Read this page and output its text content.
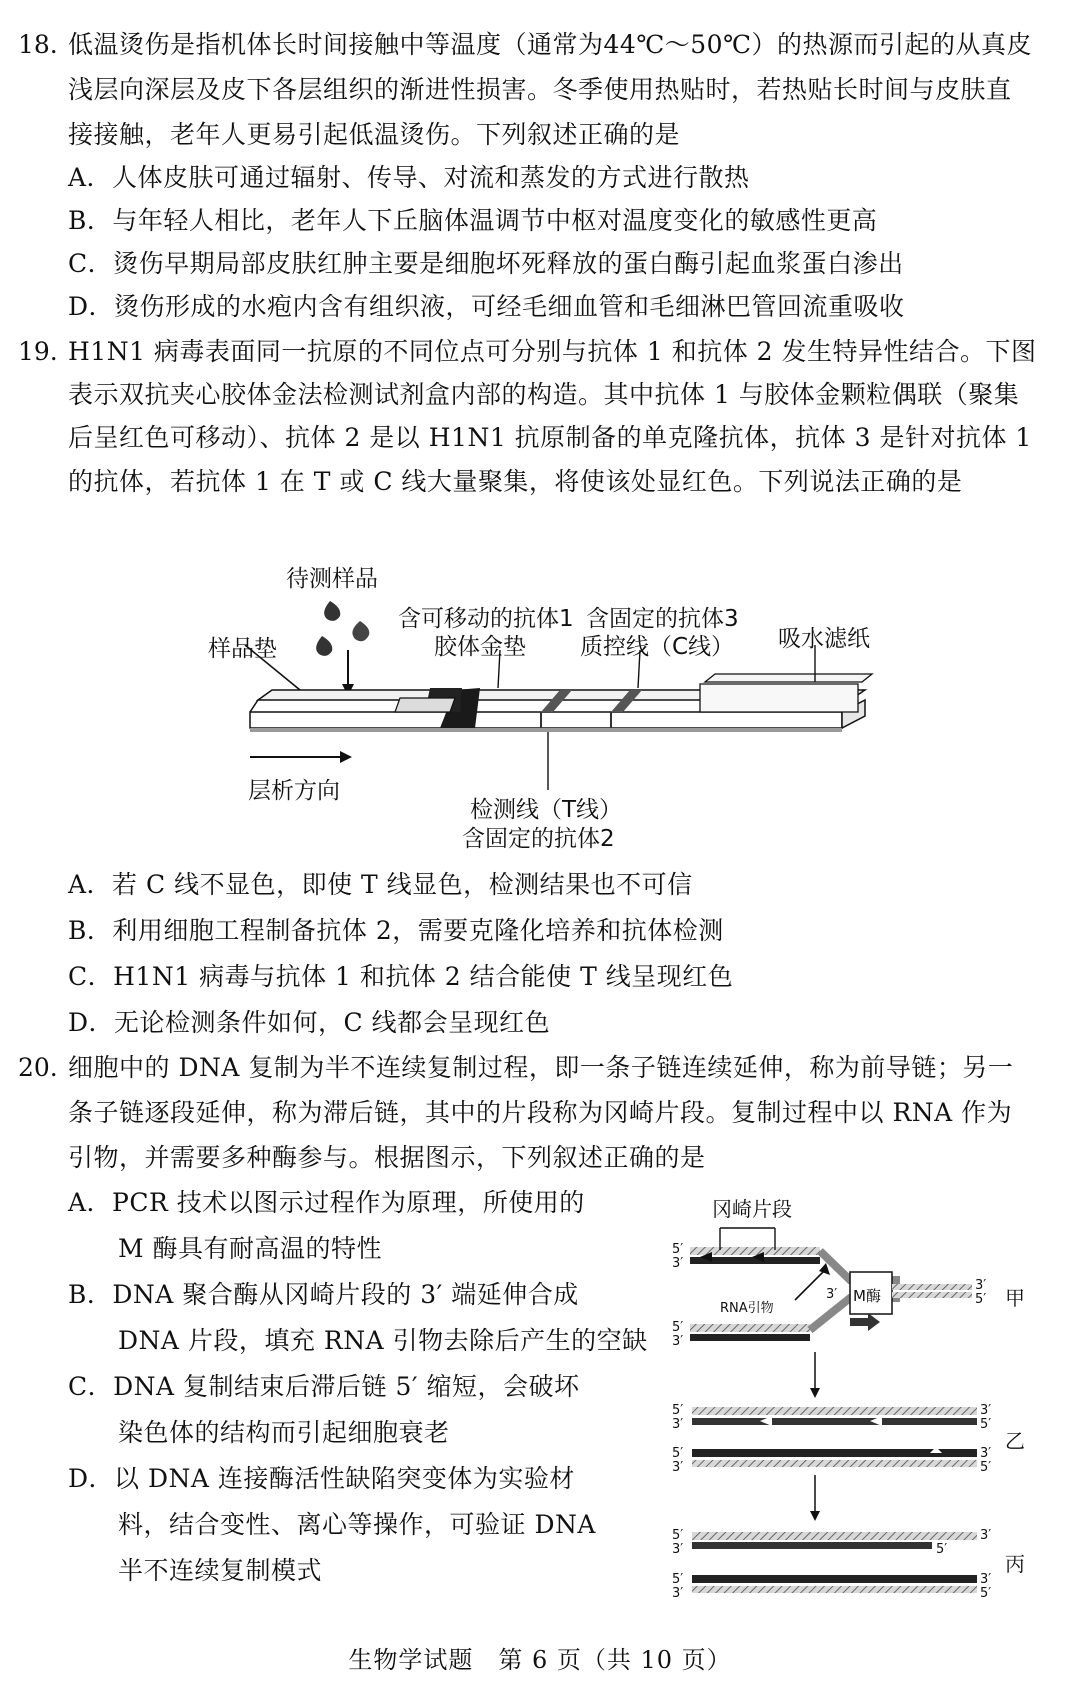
18. 低温烫伤是指机体长时间接触中等温度（通常为44℃～50℃）的热源而引起的从真皮
浅层向深层及皮下各层组织的渐进性损害。冬季使用热贴时，若热贴长时间与皮肤直
接接触，老年人更易引起低温烫伤。下列叙述正确的是
A．人体皮肤可通过辐射、传导、对流和蒸发的方式进行散热
B．与年轻人相比，老年人下丘脑体温调节中枢对温度变化的敏感性更高
C．烫伤早期局部皮肤红肿主要是细胞坏死释放的蛋白酶引起血浆蛋白渗出
D．烫伤形成的水疱内含有组织液，可经毛细血管和毛细淋巴管回流重吸收
19. H1N1 病毒表面同一抗原的不同位点可分别与抗体 1 和抗体 2 发生特异性结合。下图
表示双抗夹心胶体金法检测试剂盒内部的构造。其中抗体 1 与胶体金颗粒偶联（聚集
后呈红色可移动）、抗体 2 是以 H1N1 抗原制备的单克隆抗体，抗体 3 是针对抗体 1
的抗体，若抗体 1 在 T 或 C 线大量聚集，将使该处显红色。下列说法正确的是
待测样品
样品垫
含可移动的抗体1
胶体金垫
含固定的抗体3
质控线（C线） 吸水滤纸
层析方向
检测线（T线）
含固定的抗体2
A．若 C 线不显色，即使 T 线显色，检测结果也不可信
B．利用细胞工程制备抗体 2，需要克隆化培养和抗体检测
C．H1N1 病毒与抗体 1 和抗体 2 结合能使 T 线呈现红色
D．无论检测条件如何，C 线都会呈现红色
20. 细胞中的 DNA 复制为半不连续复制过程，即一条子链连续延伸，称为前导链；另一
条子链逐段延伸，称为滞后链，其中的片段称为冈崎片段。复制过程中以 RNA 作为
引物，并需要多种酶参与。根据图示，下列叙述正确的是
A．PCR 技术以图示过程作为原理，所使用的
M 酶具有耐高温的特性
B．DNA 聚合酶从冈崎片段的 3′ 端延伸合成
DNA 片段，填充 RNA 引物去除后产生的空缺
C．DNA 复制结束后滞后链 5′ 缩短，会破坏
染色体的结构而引起细胞衰老
D．以 DNA 连接酶活性缺陷突变体为实验材
料，结合变性、离心等操作，可验证 DNA
半不连续复制模式
冈崎片段
RNA引物
M酶	甲
乙
丙
5′
3′
5′
3′
3′
3′
5′
5′
3′
3′
5′
5′
3′
3′
5′
5′
3′
3′
5′
5′
3′
3′
5′
生物学试题　第 6 页（共 10 页）
